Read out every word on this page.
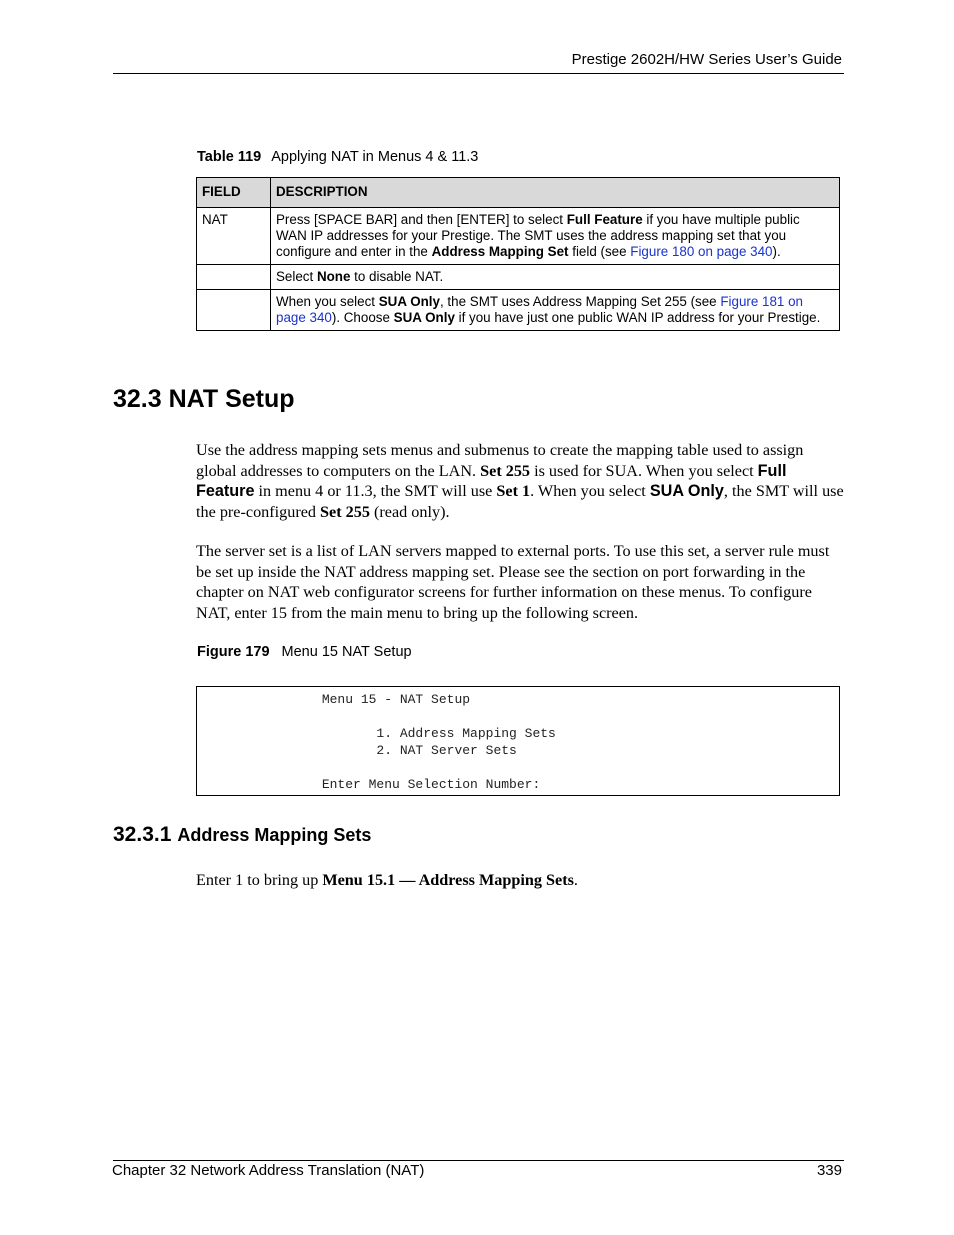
Prestige 2602H/HW Series User’s Guide
Table 119 Applying NAT in Menus 4 & 11.3
FIELD	DESCRIPTION
NAT	Press [SPACE BAR] and then [ENTER] to select Full Feature if you have multiple public WAN IP addresses for your Prestige. The SMT uses the address mapping set that you configure and enter in the Address Mapping Set field (see Figure 180 on page 340).
	Select None to disable NAT.
	When you select SUA Only, the SMT uses Address Mapping Set 255 (see Figure 181 on page 340). Choose SUA Only if you have just one public WAN IP address for your Prestige.
32.3 NAT Setup

Use the address mapping sets menus and submenus to create the mapping table used to assign global addresses to computers on the LAN. Set 255 is used for SUA. When you select Full Feature in menu 4 or 11.3, the SMT will use Set 1. When you select SUA Only, the SMT will use the pre-configured Set 255 (read only).

The server set is a list of LAN servers mapped to external ports. To use this set, a server rule must be set up inside the NAT address mapping set. Please see the section on port forwarding in the chapter on NAT web configurator screens for further information on these menus. To configure NAT, enter 15 from the main menu to bring up the following screen.

Figure 179 Menu 15 NAT Setup
Menu 15 - NAT Setup

1. Address Mapping Sets
2. NAT Server Sets

Enter Menu Selection Number:
32.3.1 Address Mapping Sets

Enter 1 to bring up Menu 15.1 — Address Mapping Sets.

Chapter 32 Network Address Translation (NAT)	339
